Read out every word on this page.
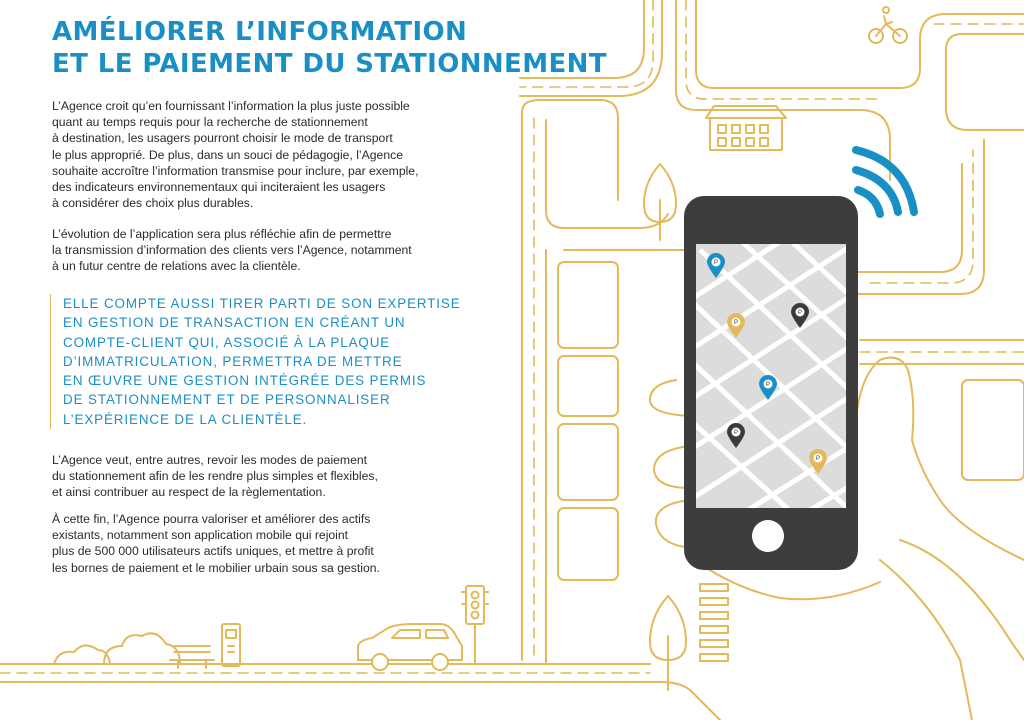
P
P
P
P
P
P
AMÉLIORER L’INFORMATION
ET LE PAIEMENT DU STATIONNEMENT

L’Agence croit qu’en fournissant l’information la plus juste possible
quant au temps requis pour la recherche de stationnement
à destination, les usagers pourront choisir le mode de transport
le plus approprié. De plus, dans un souci de pédagogie, l’Agence
souhaite accroître l’information transmise pour inclure, par exemple,
des indicateurs environnementaux qui inciteraient les usagers
à considérer des choix plus durables.

L’évolution de l’application sera plus réfléchie afin de permettre
la transmission d’information des clients vers l’Agence, notamment
à un futur centre de relations avec la clientèle.

ELLE COMPTE AUSSI TIRER PARTI DE SON EXPERTISE
EN GESTION DE TRANSACTION EN CRÉANT UN
COMPTE-CLIENT QUI, ASSOCIÉ À LA PLAQUE
D’IMMATRICULATION, PERMETTRA DE METTRE
EN ŒUVRE UNE GESTION INTÉGRÉE DES PERMIS
DE STATIONNEMENT ET DE PERSONNALISER
L’EXPÉRIENCE DE LA CLIENTÈLE.

L’Agence veut, entre autres, revoir les modes de paiement
du stationnement afin de les rendre plus simples et flexibles,
et ainsi contribuer au respect de la règlementation.

À cette fin, l’Agence pourra valoriser et améliorer des actifs
existants, notamment son application mobile qui rejoint
plus de 500 000 utilisateurs actifs uniques, et mettre à profit
les bornes de paiement et le mobilier urbain sous sa gestion.
